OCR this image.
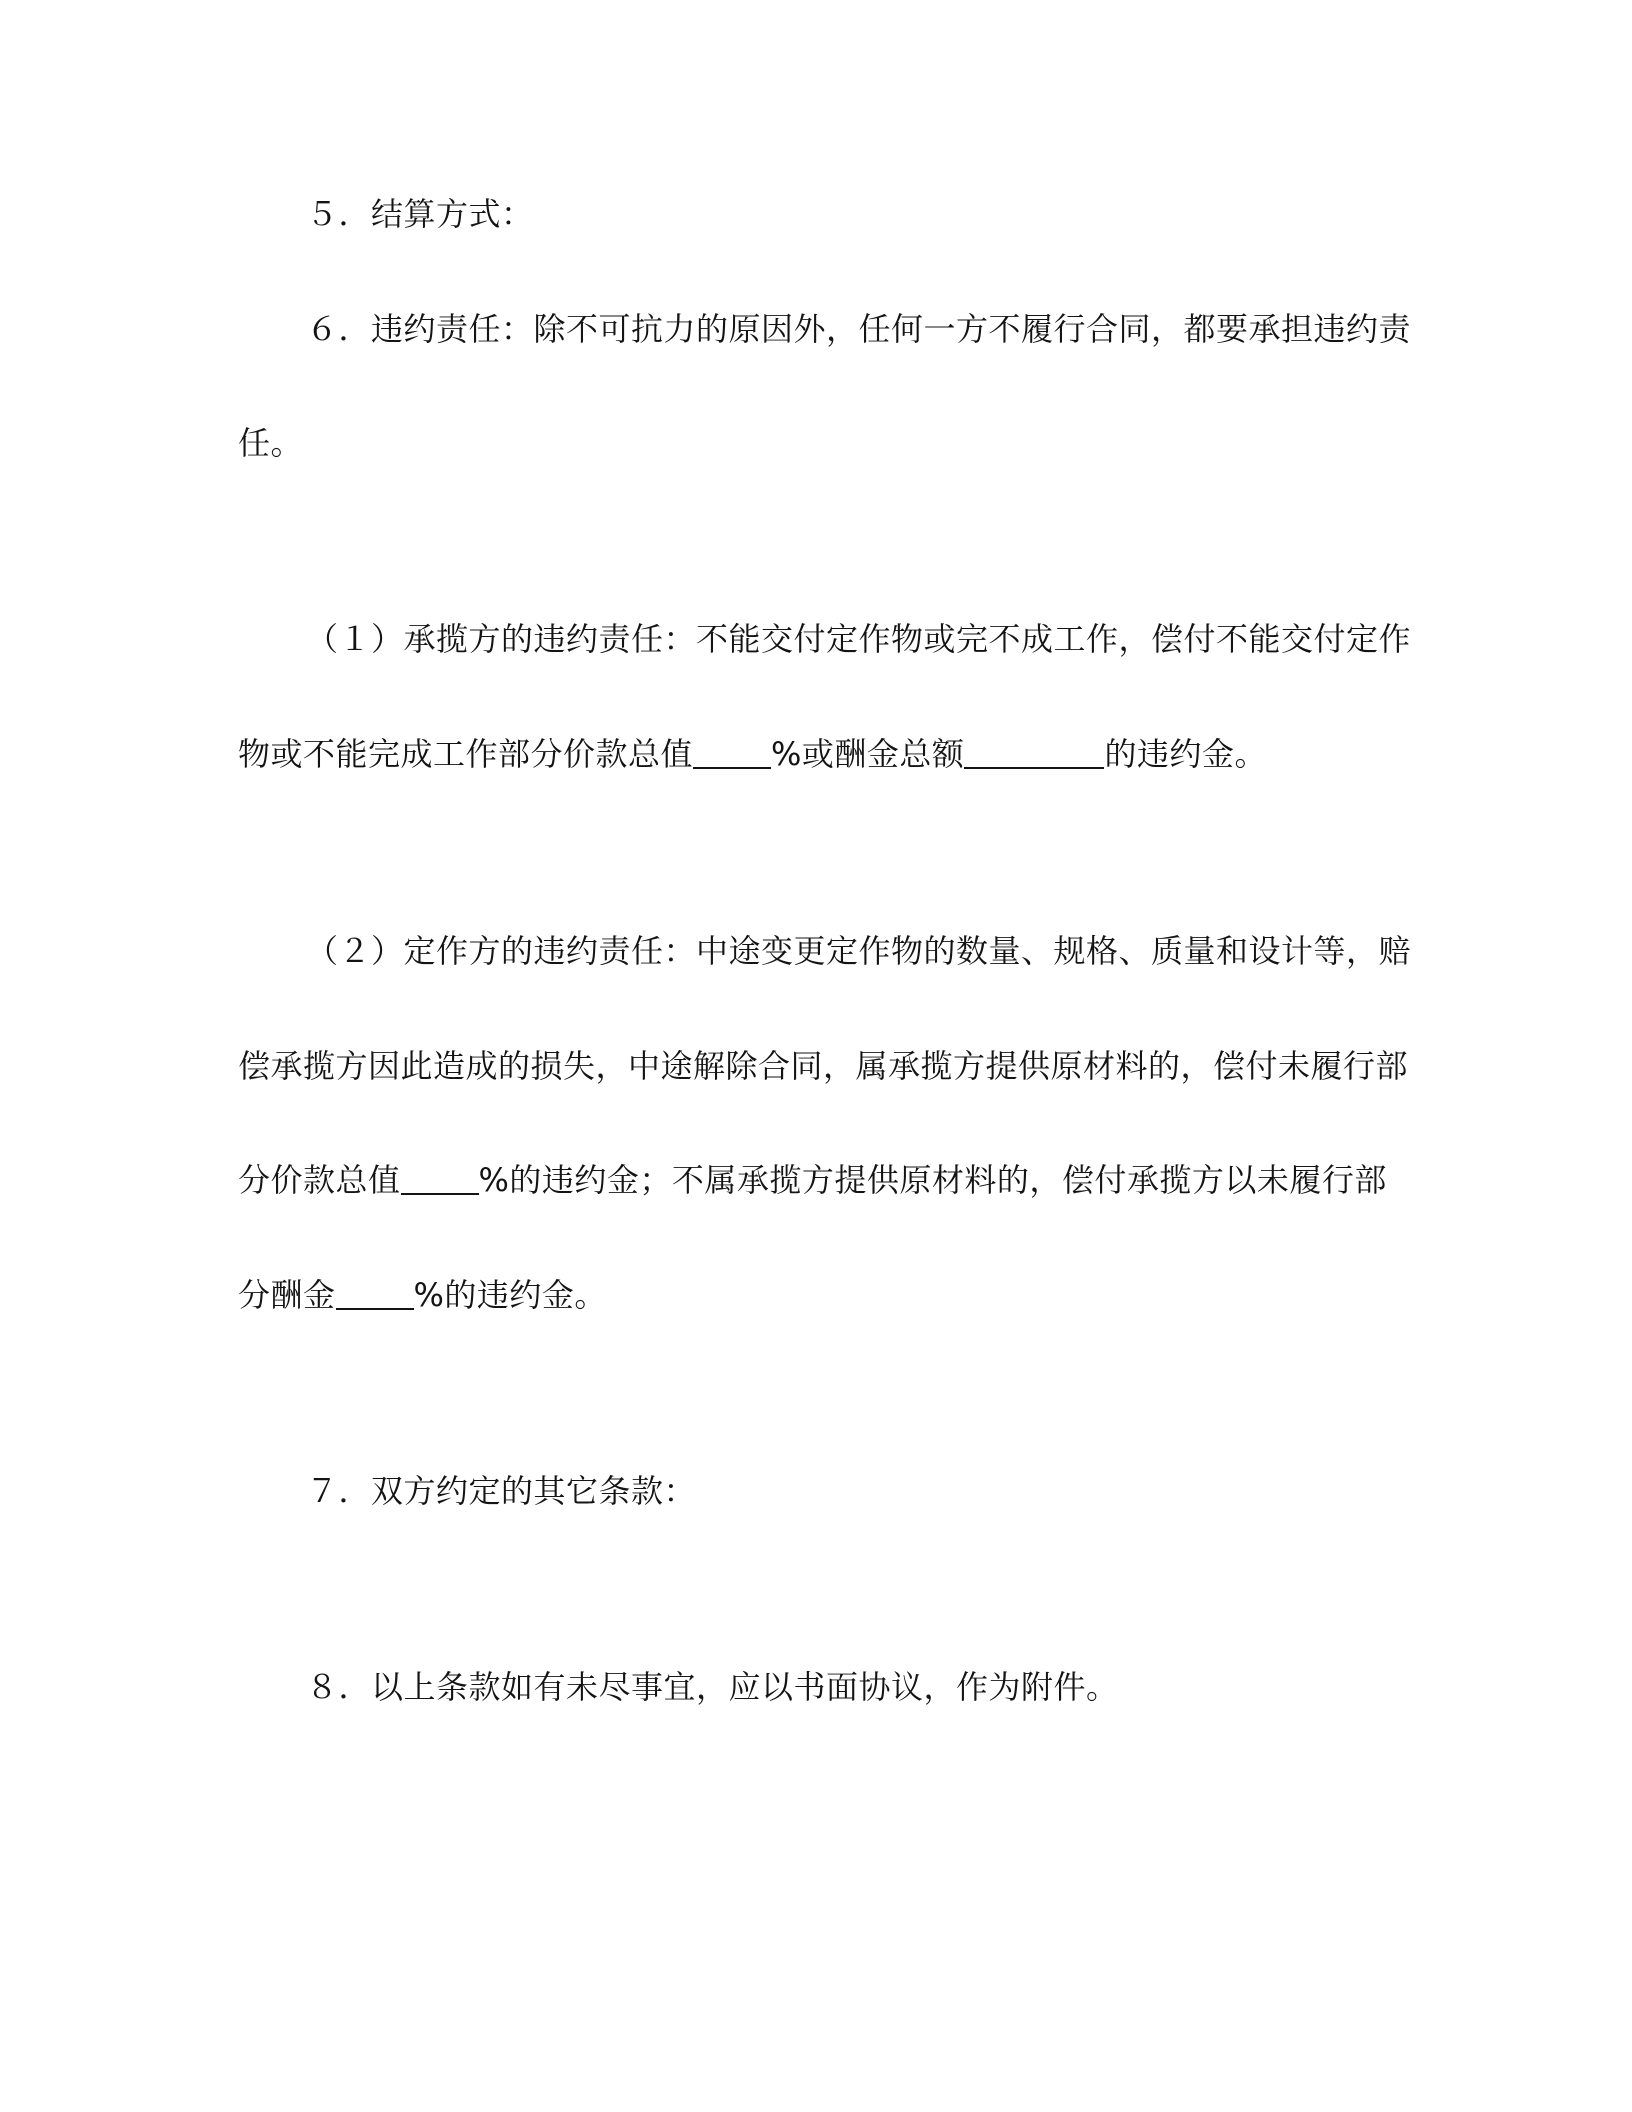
５．结算方式：
６．违约责任：除不可抗力的原因外，任何一方不履行合同，都要承担违约责
任。
（１）承揽方的违约责任：不能交付定作物或完不成工作，偿付不能交付定作
物或不能完成工作部分价款总值 %或酬金总额	的违约金。
（２）定作方的违约责任：中途变更定作物的数量、规格、质量和设计等，赔
偿承揽方因此造成的损失，中途解除合同，属承揽方提供原材料的，偿付未履行部
分价款总值 %的违约金；不属承揽方提供原材料的，偿付承揽方以未履行部
分酬金 %的违约金。
７．双方约定的其它条款：
８．以上条款如有未尽事宜，应以书面协议，作为附件。
